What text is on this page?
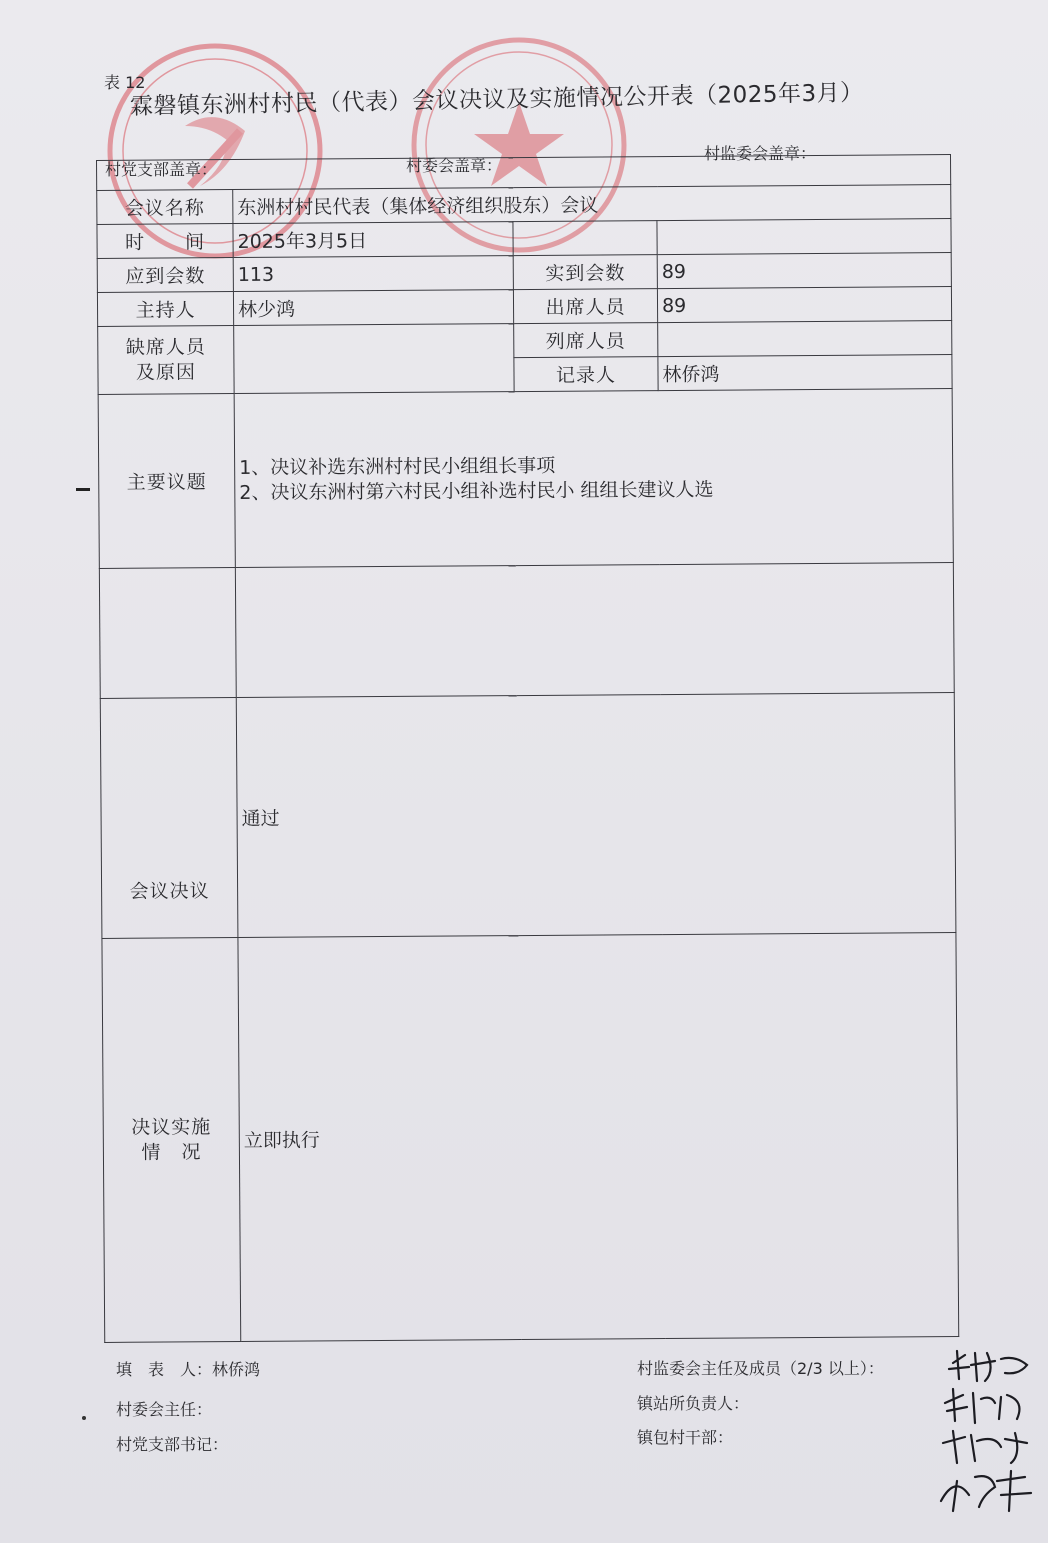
表 12
霖磐镇东洲村村民（代表）会议决议及实施情况公开表（2025年3月）
村党支部盖章：	村委会盖章：
村监委会盖章：

会议名称	东洲村村民代表（集体经济组织股东）会议		
时　　间	2025年3月5日		
应到会数	113	实到会数	89
主持人	林少鸿	出席人员	89

缺席人员
及原因		列席人员	
		记录人	林侨鸿
主要议题	1、决议补选东洲村村民小组组长事项
2、决议东洲村第六村民小组补选村民小 组组长建议人选		

会议决议	通过		

决议实施
情　况	立即执行		
填　表　人：林侨鸿
村委会主任：
村党支部书记：
村监委会主任及成员（2/3 以上）：
镇站所负责人：
镇包村干部：
